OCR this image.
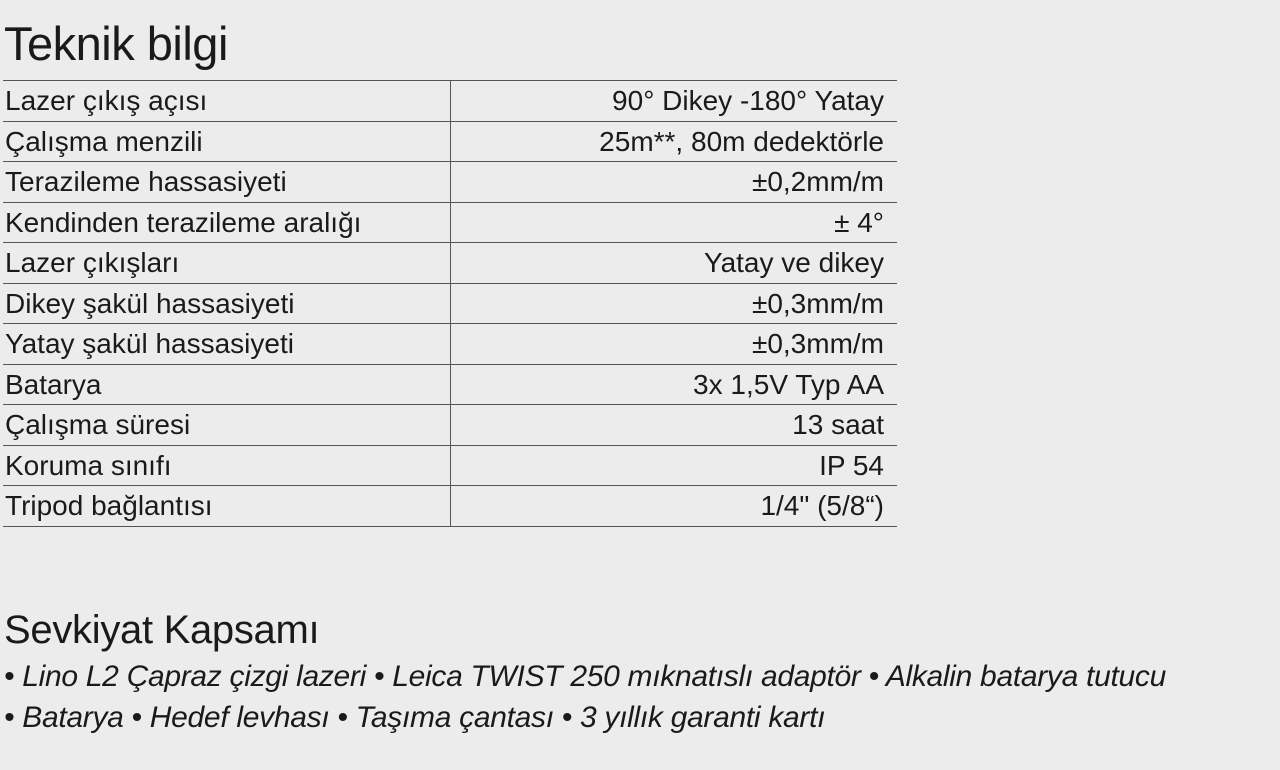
Teknik bilgi
Lazer çıkış açısı	90° Dikey -180° Yatay
Çalışma menzili	25m**, 80m dedektörle
Terazileme hassasiyeti	±0,2mm/m
Kendinden terazileme aralığı	± 4°
Lazer çıkışları	Yatay ve dikey
Dikey şakül hassasiyeti	±0,3mm/m
Yatay şakül hassasiyeti	±0,3mm/m
Batarya	3x 1,5V Typ AA
Çalışma süresi	13 saat
Koruma sınıfı	IP 54
Tripod bağlantısı	1/4" (5/8“)
Sevkiyat Kapsamı

• Lino L2 Çapraz çizgi lazeri • Leica TWIST 250 mıknatıslı adaptör • Alkalin batarya tutucu

• Batarya • Hedef levhası • Taşıma çantası • 3 yıllık garanti kartı
